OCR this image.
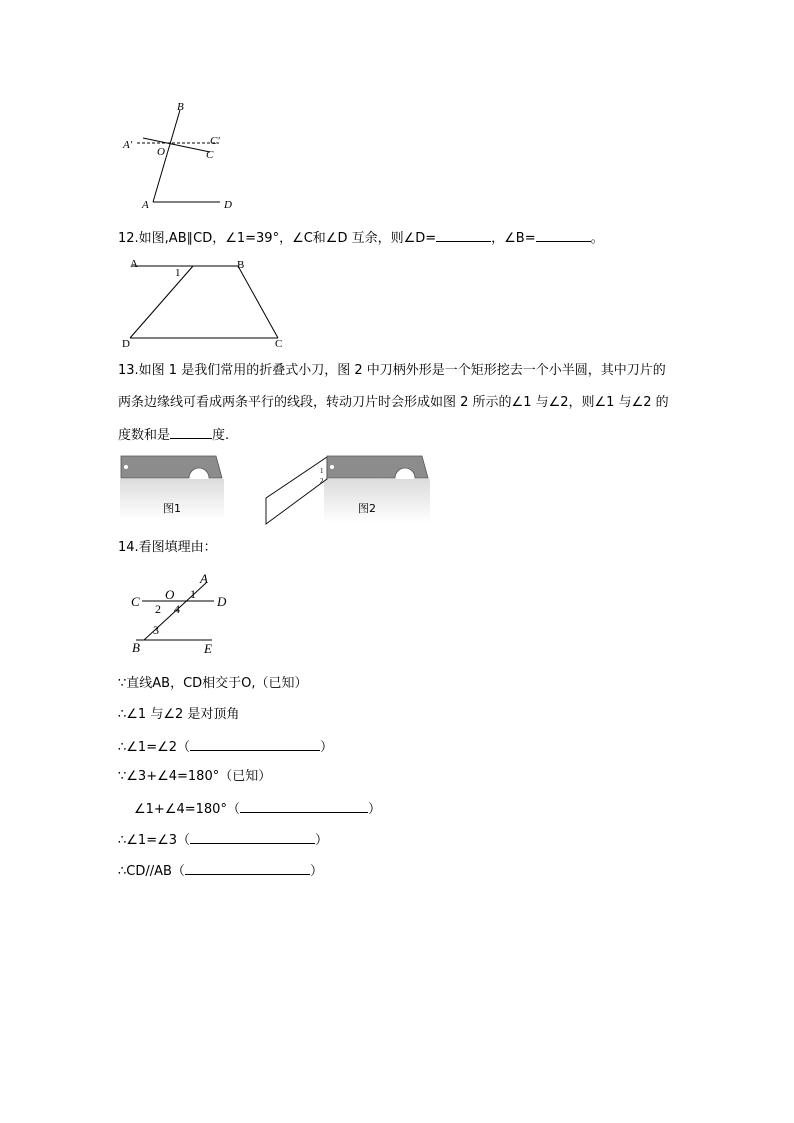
B
A'	C'
O	C
A	D
12.如图,AB∥CD，∠1=39°，∠C和∠D 互余，则∠D=	，∠B=	。
A	B
1
D	C
13.如图 1 是我们常用的折叠式小刀，图 2 中刀柄外形是一个矩形挖去一个小半圆，其中刀片的
两条边缘线可看成两条平行的线段，转动刀片时会形成如图 2 所示的∠1 与∠2，则∠1 与∠2 的
度数和是	度.
图1
1
2
图2
14.看图填理由：
A
C O 1 D
2 4
3
B	E
∵直线AB，CD相交于O,（已知）
∴∠1 与∠2 是对顶角
∴∠1=∠2（	）
∵∠3+∠4=180°（已知）
∠1+∠4=180°（	）
∴∠1=∠3（	）
∴CD//AB（	）
